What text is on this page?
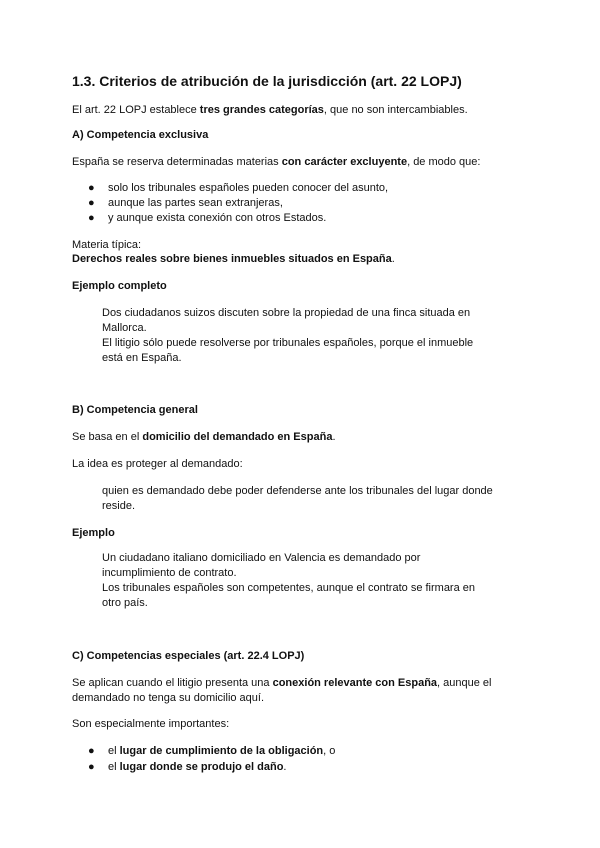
1.3. Criterios de atribución de la jurisdicción (art. 22 LOPJ)
El art. 22 LOPJ establece tres grandes categorías, que no son intercambiables.
A) Competencia exclusiva
España se reserva determinadas materias con carácter excluyente, de modo que:
● solo los tribunales españoles pueden conocer del asunto,
● aunque las partes sean extranjeras,
● y aunque exista conexión con otros Estados.
Materia típica:
Derechos reales sobre bienes inmuebles situados en España.
Ejemplo completo
Dos ciudadanos suizos discuten sobre la propiedad de una finca situada en
Mallorca.
El litigio sólo puede resolverse por tribunales españoles, porque el inmueble
está en España.
B) Competencia general
Se basa en el domicilio del demandado en España.
La idea es proteger al demandado:
quien es demandado debe poder defenderse ante los tribunales del lugar donde
reside.
Ejemplo
Un ciudadano italiano domiciliado en Valencia es demandado por
incumplimiento de contrato.
Los tribunales españoles son competentes, aunque el contrato se firmara en
otro país.
C) Competencias especiales (art. 22.4 LOPJ)
Se aplican cuando el litigio presenta una conexión relevante con España, aunque el
demandado no tenga su domicilio aquí.
Son especialmente importantes:
● el lugar de cumplimiento de la obligación, o
● el lugar donde se produjo el daño.
